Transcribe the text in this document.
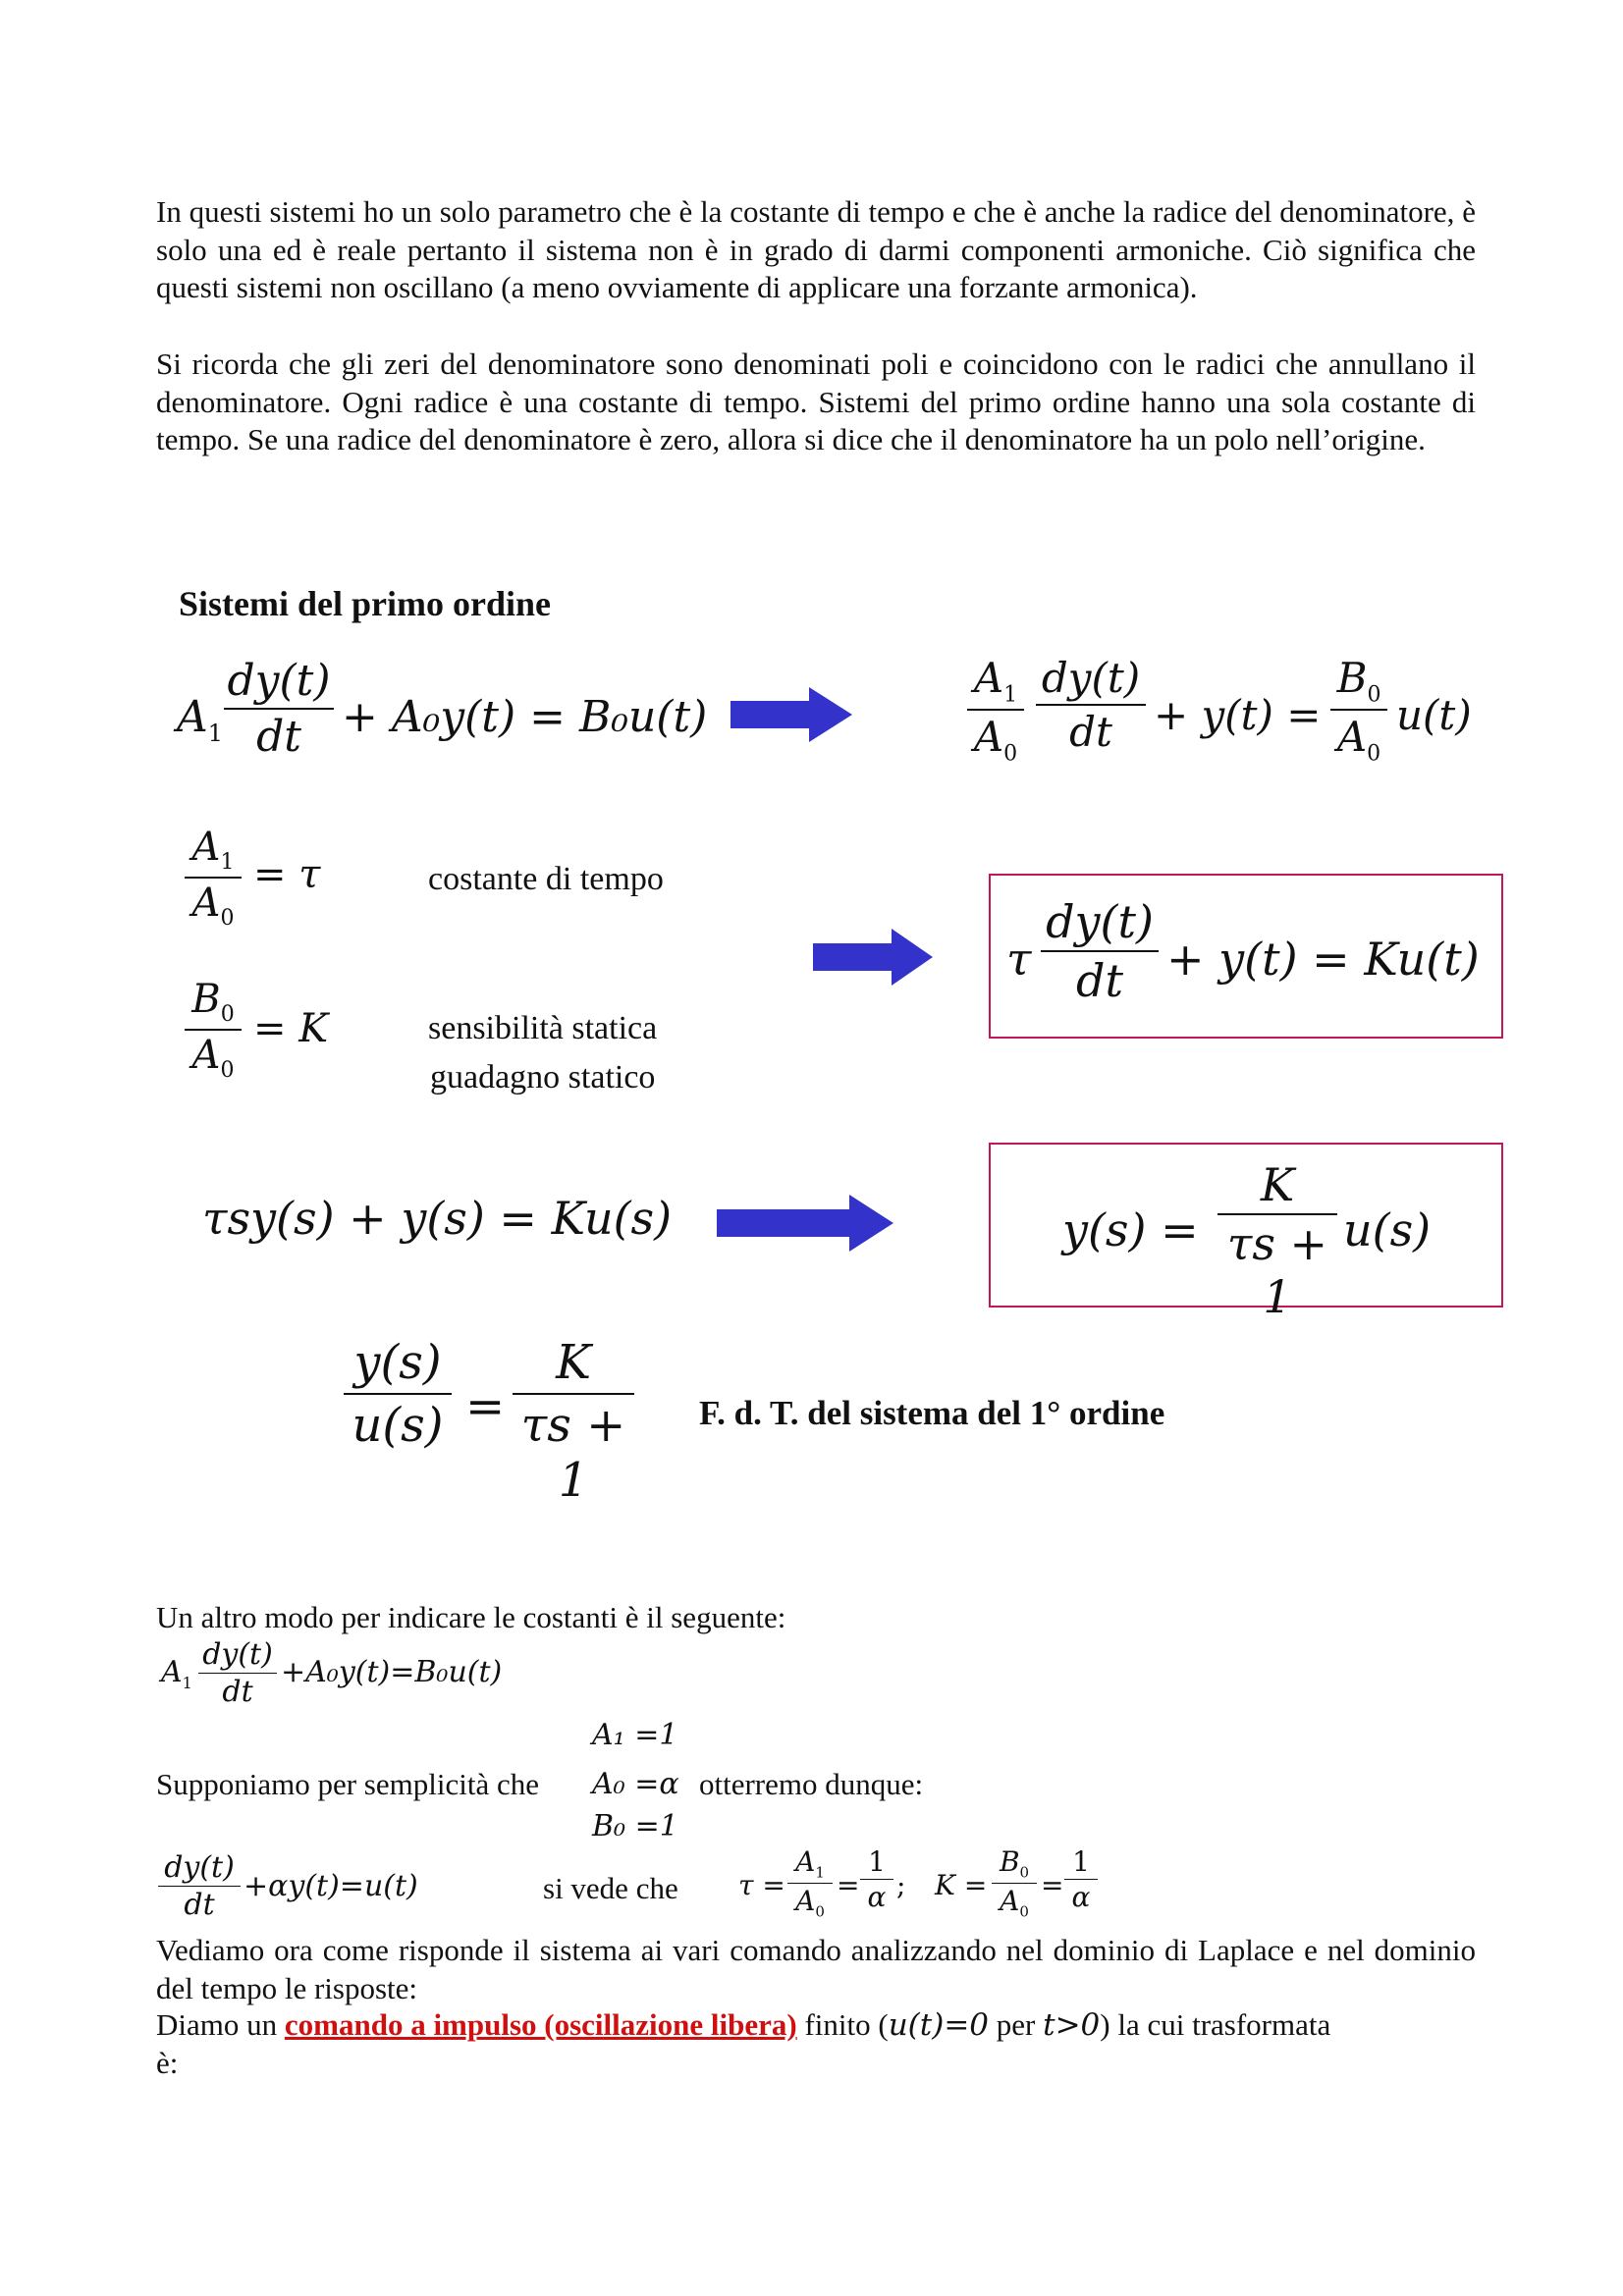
In questi sistemi ho un solo parametro che è la costante di tempo e che è anche la radice del denominatore, è solo una ed è reale pertanto il sistema non è in grado di darmi componenti armoniche. Ciò significa che questi sistemi non oscillano (a meno ovviamente di applicare una forzante armonica).
Si ricorda che gli zeri del denominatore sono denominati poli e coincidono con le radici che annullano il denominatore. Ogni radice è una costante di tempo. Sistemi del primo ordine hanno una sola costante di tempo. Se una radice del denominatore è zero, allora si dice che il denominatore ha un polo nell’origine.
Sistemi del primo ordine
$A_1$
dy(t)
dt + A₀y(t) = B₀u(t)
$A_1$
$A_0$
dy(t)
dt	+ y(t) =
$B_0$
$A_0$
u(t)
$A_1$
$A_0$
= τ	costante di tempo
$B_0$
$A_0$
= K	sensibilità statica
guadagno statico
τ
dy(t)
dt + y(t) = Ku(t)
τsy(s) + y(s) = Ku(s)	y(s) =
K
τs + 1
u(s)
y(s)
u(s) =
K
τs + 1
F. d. T. del sistema del 1° ordine
Un altro modo per indicare le costanti è il seguente:
$A_1$
dy(t)
dt
+A₀y(t)=B₀u(t)
A₁ =1
Supponiamo per semplicità che A₀ =α otterremo dunque:
B₀ =1
dy(t)
dt
+αy(t)=u(t)	si vede che τ =
$A_1$
$A_0$
=
1
α ; K =
$B_0$
$A_0$
=
1
α
Vediamo ora come risponde il sistema ai vari comando analizzando nel dominio di Laplace e nel dominio del tempo le risposte:
Diamo un comando a impulso (oscillazione libera) finito (u(t)=0 per t>0) la cui trasformata
è:
